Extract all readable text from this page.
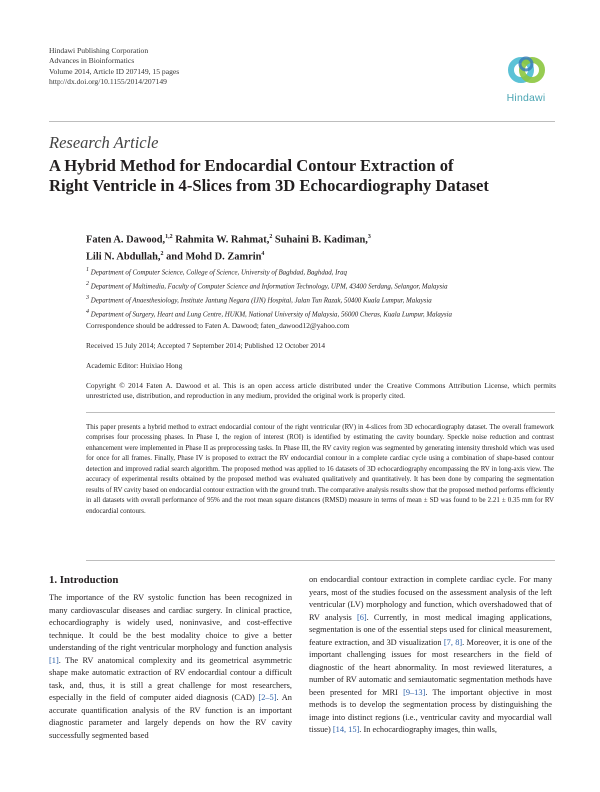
Hindawi Publishing Corporation
Advances in Bioinformatics
Volume 2014, Article ID 207149, 15 pages
http://dx.doi.org/10.1155/2014/207149
Hindawi
Research Article
A Hybrid Method for Endocardial Contour Extraction of
Right Ventricle in 4-Slices from 3D Echocardiography Dataset
Faten A. Dawood,$^{1,2}$ Rahmita W. Rahmat,$^2$ Suhaini B. Kadiman,$^3$
Lili N. Abdullah,$^2$ and Mohd D. Zamrin$^4$
$^1$ Department of Computer Science, College of Science, University of Baghdad, Baghdad, Iraq
$^2$ Department of Multimedia, Faculty of Computer Science and Information Technology, UPM, 43400 Serdang, Selangor, Malaysia
$^3$ Department of Anaesthesiology, Institute Jantung Negara (IJN) Hospital, Jalan Tun Razak, 50400 Kuala Lumpur, Malaysia
$^4$ Department of Surgery, Heart and Lung Centre, HUKM, National University of Malaysia, 56000 Cheras, Kuala Lumpur, Malaysia
Correspondence should be addressed to Faten A. Dawood; faten_dawood12@yahoo.com
Received 15 July 2014; Accepted 7 September 2014; Published 12 October 2014
Academic Editor: Huixiao Hong
Copyright © 2014 Faten A. Dawood et al. This is an open access article distributed under the Creative Commons Attribution License, which permits unrestricted use, distribution, and reproduction in any medium, provided the original work is properly cited.
This paper presents a hybrid method to extract endocardial contour of the right ventricular (RV) in 4-slices from 3D echocardiography dataset. The overall framework comprises four processing phases. In Phase I, the region of interest (ROI) is identified by estimating the cavity boundary. Speckle noise reduction and contrast enhancement were implemented in Phase II as preprocessing tasks. In Phase III, the RV cavity region was segmented by generating intensity threshold which was used for once for all frames. Finally, Phase IV is proposed to extract the RV endocardial contour in a complete cardiac cycle using a combination of shape-based contour detection and improved radial search algorithm. The proposed method was applied to 16 datasets of 3D echocardiography encompassing the RV in long-axis view. The accuracy of experimental results obtained by the proposed method was evaluated qualitatively and quantitatively. It has been done by comparing the segmentation results of RV cavity based on endocardial contour extraction with the ground truth. The comparative analysis results show that the proposed method performs efficiently in all datasets with overall performance of 95% and the root mean square distances (RMSD) measure in terms of mean ± SD was found to be 2.21 ± 0.35 mm for RV endocardial contours.
1. Introduction

The importance of the RV systolic function has been recognized in many cardiovascular diseases and cardiac surgery. In clinical practice, echocardiography is widely used, noninvasive, and cost-effective technique. It could be the best modality choice to give a better understanding of the right ventricular morphology and function analysis [1]. The RV anatomical complexity and its geometrical asymmetric shape make automatic extraction of RV endocardial contour a difficult task, and, thus, it is still a great challenge for most researchers, especially in the field of computer aided diagnosis (CAD) [2–5]. An accurate quantification analysis of the RV function is an important diagnostic parameter and largely depends on how the RV cavity successfully segmented based

on endocardial contour extraction in complete cardiac cycle. For many years, most of the studies focused on the assessment analysis of the left ventricular (LV) morphology and function, which overshadowed that of RV analysis [6]. Currently, in most medical imaging applications, segmentation is one of the essential steps used for clinical measurement, feature extraction, and 3D visualization [7, 8]. Moreover, it is one of the important challenging issues for most researchers in the field of diagnostic of the heart abnormality. In most reviewed literatures, a number of RV automatic and semiautomatic segmentation methods have been presented for MRI [9–13]. The important objective in most methods is to develop the segmentation process by distinguishing the image into distinct regions (i.e., ventricular cavity and myocardial wall tissue) [14, 15]. In echocardiography images, thin walls,
